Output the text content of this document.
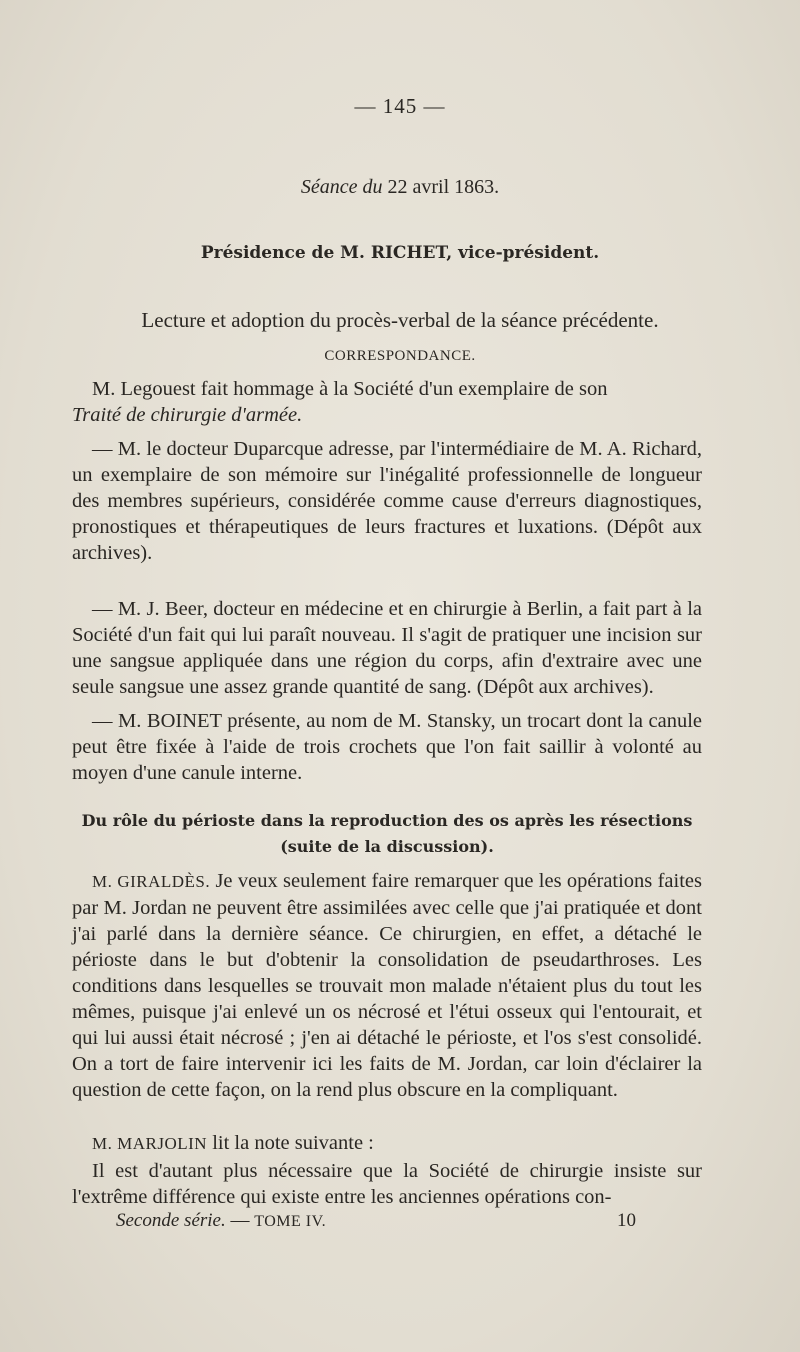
— 145 —
Séance du 22 avril 1863.
Présidence de M. RICHET, vice-président.
Lecture et adoption du procès-verbal de la séance précédente.
CORRESPONDANCE.

M. Legouest fait hommage à la Société d'un exemplaire de son

Traité de chirurgie d'armée.

— M. le docteur Duparcque adresse, par l'intermédiaire de M. A. Richard, un exemplaire de son mémoire sur l'inégalité professionnelle de longueur des membres supérieurs, considérée comme cause d'erreurs diagnostiques, pronostiques et thérapeutiques de leurs fractures et luxations. (Dépôt aux archives).

— M. J. Beer, docteur en médecine et en chirurgie à Berlin, a fait part à la Société d'un fait qui lui paraît nouveau. Il s'agit de pratiquer une incision sur une sangsue appliquée dans une région du corps, afin d'extraire avec une seule sangsue une assez grande quantité de sang. (Dépôt aux archives).

— M. BOINET présente, au nom de M. Stansky, un trocart dont la canule peut être fixée à l'aide de trois crochets que l'on fait saillir à volonté au moyen d'une canule interne.

Du rôle du périoste dans la reproduction des os après les résections
(suite de la discussion).

M. GIRALDÈS. Je veux seulement faire remarquer que les opérations faites par M. Jordan ne peuvent être assimilées avec celle que j'ai pratiquée et dont j'ai parlé dans la dernière séance. Ce chirurgien, en effet, a détaché le périoste dans le but d'obtenir la consolidation de pseudarthroses. Les conditions dans lesquelles se trouvait mon malade n'étaient plus du tout les mêmes, puisque j'ai enlevé un os nécrosé et l'étui osseux qui l'entourait, et qui lui aussi était nécrosé ; j'en ai détaché le périoste, et l'os s'est consolidé. On a tort de faire intervenir ici les faits de M. Jordan, car loin d'éclairer la question de cette façon, on la rend plus obscure en la compliquant.

M. MARJOLIN lit la note suivante :

Il est d'autant plus nécessaire que la Société de chirurgie insiste sur l'extrême différence qui existe entre les anciennes opérations con-

Seconde série. — TOME IV.	10
